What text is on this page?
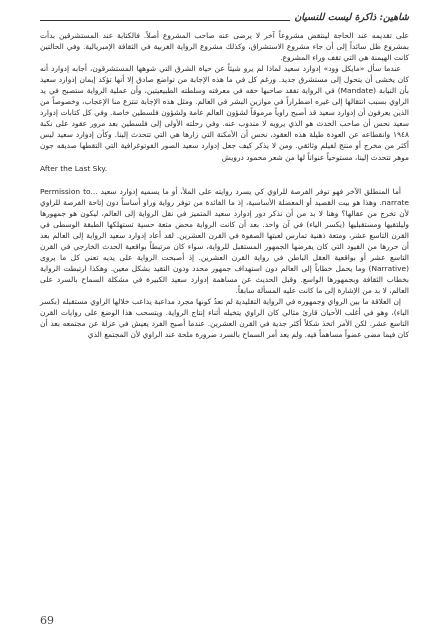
شاهين: ذاكرة ليست للنسيان

على تقديمه عند الحاجة لينتقض مشروعاً آخر لا يرضى عنه صاحب المشروع أصلاً. فالكتابة عند المستشرقين بدأت بمشروع ظل سائداً إلى أن جاء مشروع الاستشراق، وكذلك مشروع الرواية الغربية في الثقافة الإمبريالية. وفي الحالتين كانت الهيمنة هي التي تقف وراء المشروع.

عندما سأل «مايكل وود» إدوارد سعيد لماذا لم يرو شيئاً عن حياة الشرق التي شوهها المستشرقون، أجابه إدوارد أنه كان يخشى أن يتحول إلى مستشرق جديد. ورغم كل في ما هذه الإجابة من تواضع صادق إلا أنها تؤكد إيمان إدوارد سعيد بأن النيابة (Mandate) في الرواية تفقد صاحبها حقه في معرفته وسلطته الطبيعيتين، وأن عملية الرواية ستصبح في يد الراوي بسبب انتقالها إلى غيره اضطراراً في موازين البشر في العالم. ومثل هذه الإجابة تنتزع منا الإعجاب، وخصوصاً من الذين يعرفون أن إدوارد سعيد قد أصبح راوياً مرموقاً لشؤون العالم عامة ولشؤون فلسطين خاصة. وفي كل كتابات إدوارد سعيد نحس أن صاحب الحدث هو الذي يرويه لا مندوب عنه. وفي رحلته الأولى إلى فلسطين بعد مرور عقود على نكبة ١٩٤٨ وانقطاعه عن العودة طيلة هذه العقود، نحس أن الأمكنة التي زارها هي التي تتحدث إلينا. وكأن إدوارد سعيد ليس أكثر من مخرج أو منتج لفيلم وثائقي. ومن لا يذكر كيف جعل إدوارد سعيد الصور الفوتوغرافية التي التقطها صديقه جون موهر تتحدث إلينا، مستوحياً عنواناً لها من شعر محمود درويش
After the Last Sky.

أما المنطلق الآخر فهو توفر الفرصة للراوي كي يسرد روايته على الملأ، أو ما يسميه إدوارد سعيد ...Permission to narrate. وهذا هو بيت القصيد أو المعضلة الأساسية، إذ ما الفائدة من توفر رواية وراو أساساً دون إتاحة الفرصة للراوي لأن تخرج من عقالها؟ وهنا لا بد من أن نذكر دور إدوارد سعيد المتميز في نقل الرواية إلى العالم، ليكون هو جمهورها وليلتقيها ومستقبليها (يكسر الياء) في آن واحد. بعد أن كانت الرواية محض متعة حسية تستهلكها الطبقة الوسطى في القرن التاسع عشر، ومتعة ذهنية تمارس لعبتها الصفوة في القرن العشرين. لقد أعاد إدوارد سعيد الرواية إلى العالم بعد أن حررها من القيود التي كان يفرضها الجمهور المستقبل للرواية، سواء كان مرتبطاً بواقعية الحدث الخارجي في القرن التاسع عشر أو بواقعية العقل الباطن في رواية القرن العشرين. إذ أصبحت الرواية على يديه تعني كل ما يروى (Narrative) وما يحمل خطاباً إلى العالم دون استهداف جمهور محدد ودون التقيد بشكل معين. وهكذا ارتبطت الرواية بخطاب الثقافة وبجمهورها الواسع. وقبل الحديث عن مساهمة إدوارد سعيد الكبيرة في مشكلة السماح بالسرد على العالم، لا بد من الإشارة إلى ما كانت عليه المسألة سابقاً.

إن العلاقة ما بين الرواي وجمهوره في الرواية التقليدية لم تعدُ كونها مجرد مداعبة يداعب خلالها الراوي مستقبله (بكسر الباء)، وهو في أغلب الأحيان قارئ مثالي كان الراوي يتخيله أثناء إنتاج الرواية. ويتسحب هذا الوضع على روايات القرن التاسع عشر. لكن الأمر اتخذ شكلاً أكثر جدية في القرن العشرين. عندما أصبح الفرد يعيش في عزلة عن مجتمعه بعد أن كان فيما مضى عضواً مساهماً فيه. ولم يعد أمر السماح بالسرد ضرورة ملحة عند الراوي لأن المجتمع الذي

69
